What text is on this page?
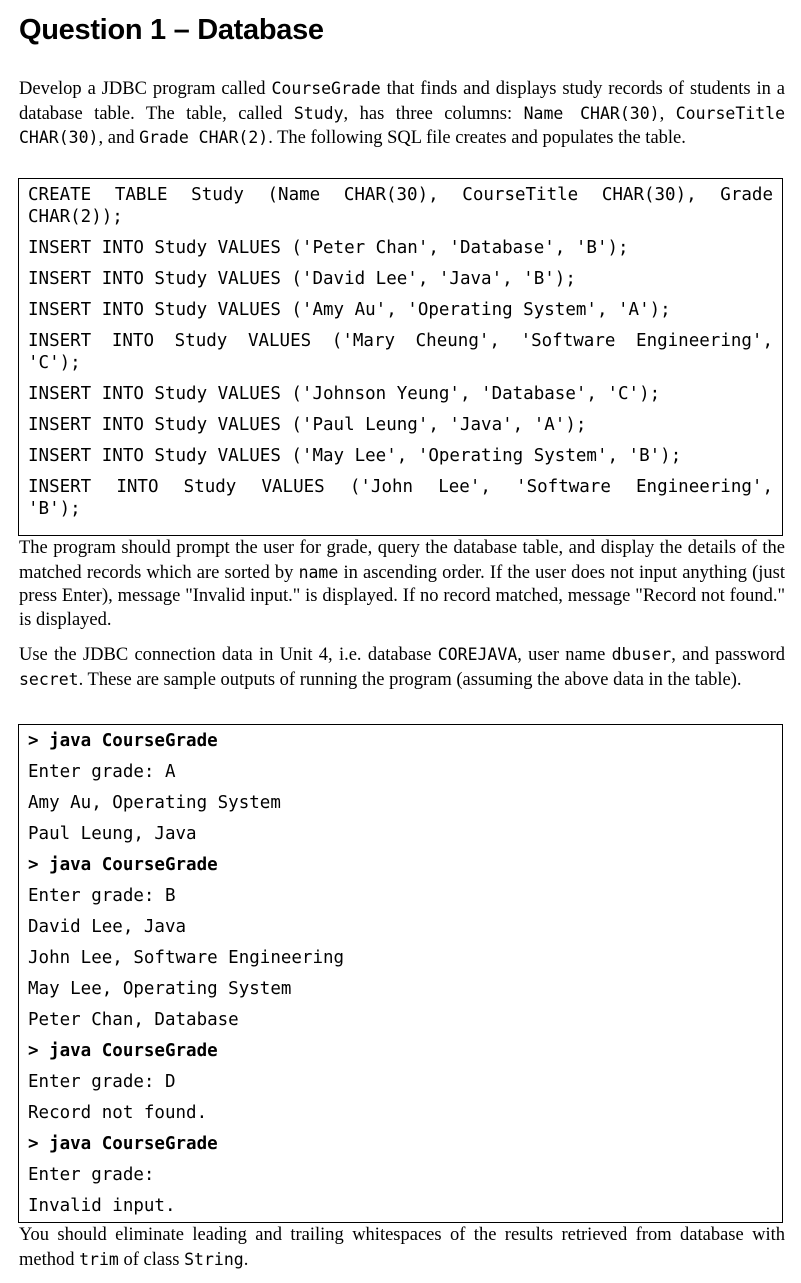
Question 1 – Database

Develop a JDBC program called CourseGrade that finds and displays study records of students in a database table. The table, called Study, has three columns: Name CHAR(30), CourseTitle CHAR(30), and Grade CHAR(2). The following SQL file creates and populates the table.

CREATE TABLE Study (Name CHAR(30), CourseTitle CHAR(30), Grade
CHAR(2));
INSERT INTO Study VALUES ('Peter Chan', 'Database', 'B');
INSERT INTO Study VALUES ('David Lee', 'Java', 'B');
INSERT INTO Study VALUES ('Amy Au', 'Operating System', 'A');
INSERT INTO Study VALUES ('Mary Cheung', 'Software Engineering',
'C');
INSERT INTO Study VALUES ('Johnson Yeung', 'Database', 'C');
INSERT INTO Study VALUES ('Paul Leung', 'Java', 'A');
INSERT INTO Study VALUES ('May Lee', 'Operating System', 'B');
INSERT INTO Study VALUES ('John Lee', 'Software Engineering',
'B');

The program should prompt the user for grade, query the database table, and display the details of the matched records which are sorted by name in ascending order. If the user does not input anything (just press Enter), message "Invalid input." is displayed. If no record matched, message "Record not found." is displayed.

Use the JDBC connection data in Unit 4, i.e. database COREJAVA, user name dbuser, and password secret. These are sample outputs of running the program (assuming the above data in the table).

> java CourseGrade
Enter grade: A
Amy Au, Operating System
Paul Leung, Java
> java CourseGrade
Enter grade: B
David Lee, Java
John Lee, Software Engineering
May Lee, Operating System
Peter Chan, Database
> java CourseGrade
Enter grade: D
Record not found.
> java CourseGrade
Enter grade:
Invalid input.

You should eliminate leading and trailing whitespaces of the results retrieved from database with method trim of class String.
